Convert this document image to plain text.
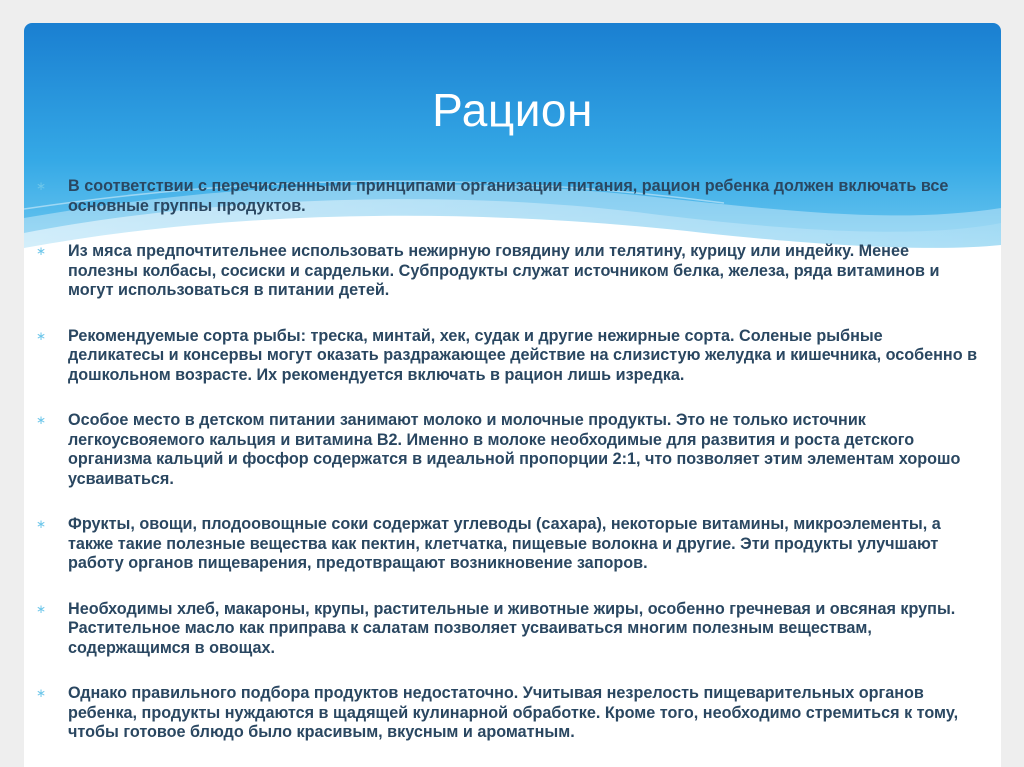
Рацион
∗ В соответствии с перечисленными принципами организации питания, рацион ребенка должен включать все основные группы продуктов.
∗ Из мяса предпочтительнее использовать нежирную говядину или телятину, курицу или индейку. Менее полезны колбасы, сосиски и сардельки. Субпродукты служат источником белка, железа, ряда витаминов и могут использоваться в питании детей.
∗ Рекомендуемые сорта рыбы: треска, минтай, хек, судак и другие нежирные сорта. Соленые рыбные деликатесы и консервы могут оказать раздражающее действие на слизистую желудка и кишечника, особенно в дошкольном возрасте. Их рекомендуется включать в рацион лишь изредка.
∗ Особое место в детском питании занимают молоко и молочные продукты. Это не только источник легкоусвояемого кальция и витамина В2. Именно в молоке необходимые для развития и роста детского организма кальций и фосфор содержатся в идеальной пропорции 2:1, что позволяет этим элементам хорошо усваиваться.
∗ Фрукты, овощи, плодоовощные соки содержат углеводы (сахара), некоторые витамины, микроэлементы, а также такие полезные вещества как пектин, клетчатка, пищевые волокна и другие. Эти продукты улучшают работу органов пищеварения, предотвращают возникновение запоров.
∗ Необходимы хлеб, макароны, крупы, растительные и животные жиры, особенно гречневая и овсяная крупы. Растительное масло как приправа к салатам позволяет усваиваться многим полезным веществам, содержащимся в овощах.
∗ Однако правильного подбора продуктов недостаточно. Учитывая незрелость пищеварительных органов ребенка, продукты нуждаются в щадящей кулинарной обработке. Кроме того, необходимо стремиться к тому, чтобы готовое блюдо было красивым, вкусным и ароматным.
